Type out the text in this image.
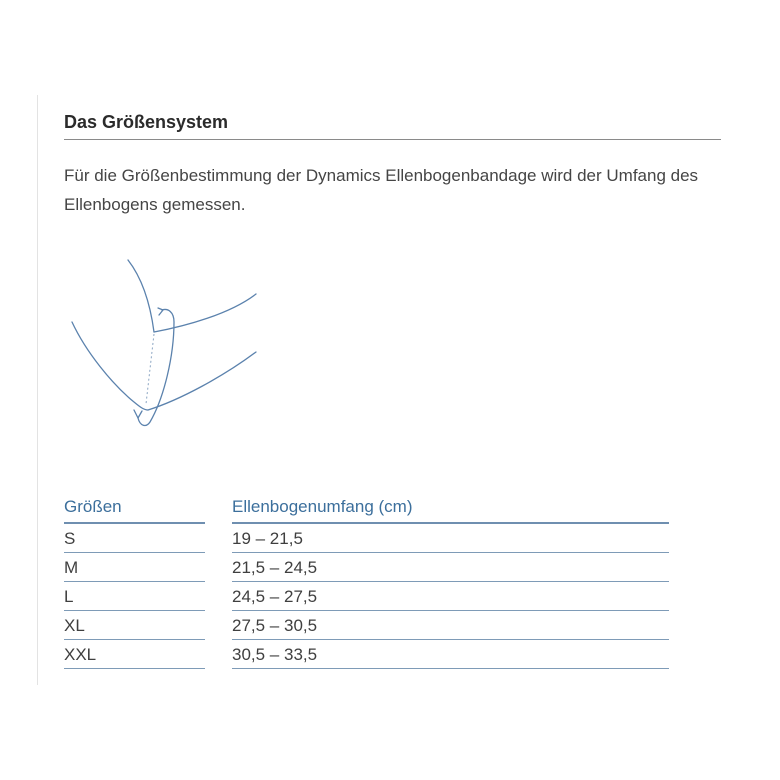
Das Größensystem

Für die Größenbestimmung der Dynamics Ellenbogenbandage wird der Umfang des Ellenbogens gemessen.

Größen	Ellenbogenumfang (cm)
S	19 – 21,5
M	21,5 – 24,5
L	24,5 – 27,5
XL	27,5 – 30,5
XXL	30,5 – 33,5
